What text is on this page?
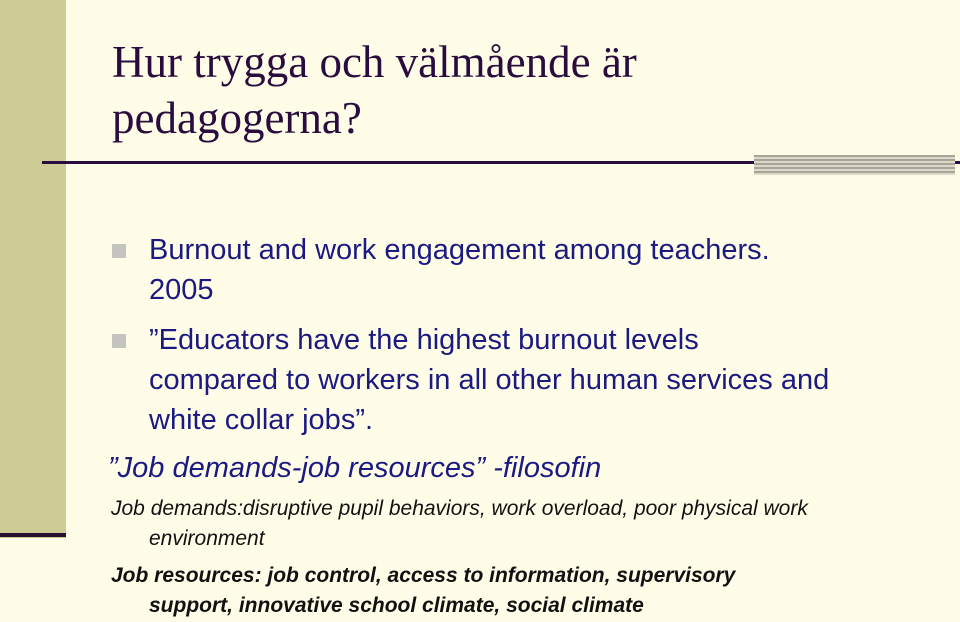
Hur trygga och välmående är
pedagogerna?

Burnout and work engagement among teachers.
2005

”Educators have the highest burnout levels
compared to workers in all other human services and
white collar jobs”.

”Job demands-job resources” -filosofin

Job demands:disruptive pupil behaviors, work overload, poor physical work

environment

Job resources: job control, access to information, supervisory

support, innovative school climate, social climate
